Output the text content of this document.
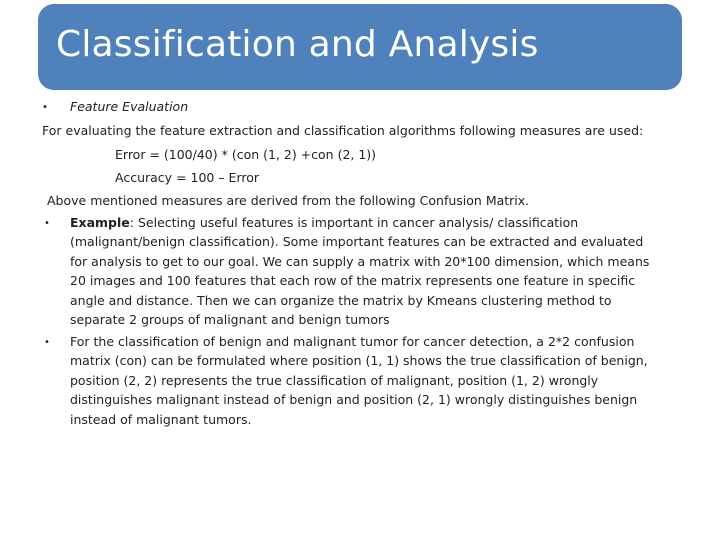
Classification and Analysis
• Feature Evaluation
For evaluating the feature extraction and classification algorithms following measures are used:
Error = (100/40) * (con (1, 2) +con (2, 1))
Accuracy = 100 – Error
Above mentioned measures are derived from the following Confusion Matrix.
• Example: Selecting useful features is important in cancer analysis/ classification
(malignant/benign classification). Some important features can be extracted and evaluated
for analysis to get to our goal. We can supply a matrix with 20*100 dimension, which means
20 images and 100 features that each row of the matrix represents one feature in specific
angle and distance. Then we can organize the matrix by Kmeans clustering method to
separate 2 groups of malignant and benign tumors
• For the classification of benign and malignant tumor for cancer detection, a 2*2 confusion
matrix (con) can be formulated where position (1, 1) shows the true classification of benign,
position (2, 2) represents the true classification of malignant, position (1, 2) wrongly
distinguishes malignant instead of benign and position (2, 1) wrongly distinguishes benign
instead of malignant tumors.
